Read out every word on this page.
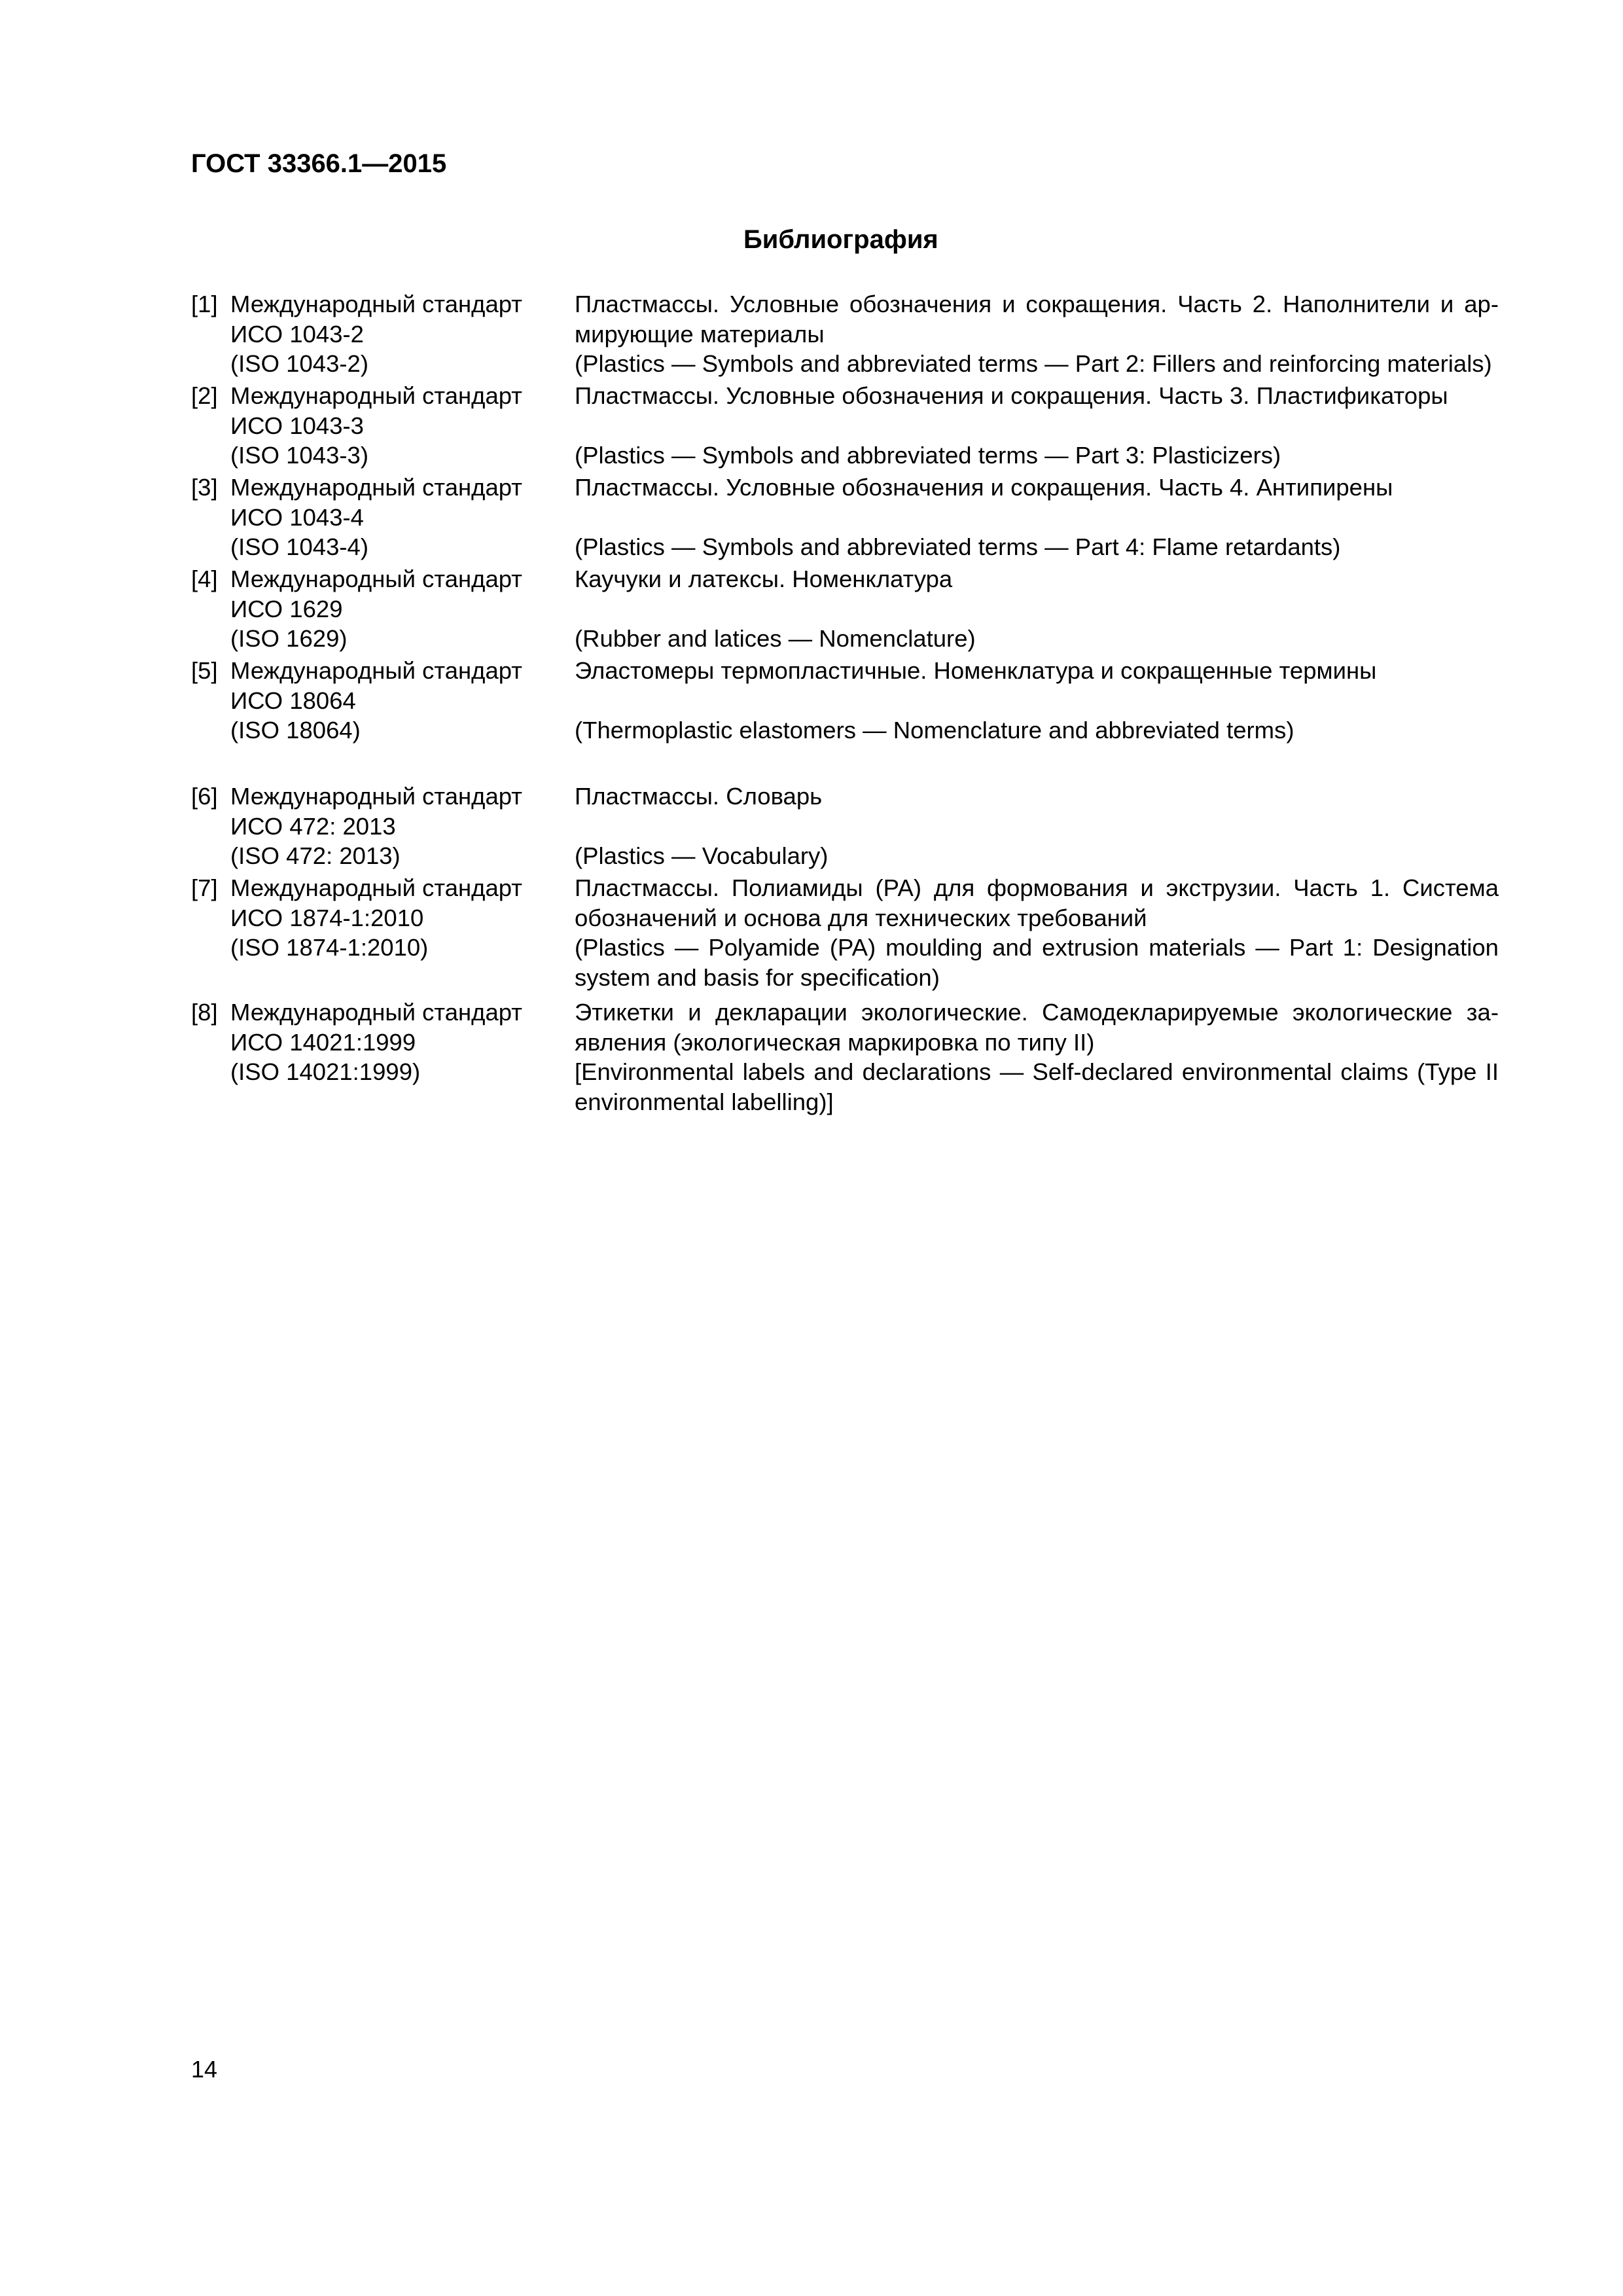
ГОСТ 33366.1—2015
Библиография
[1] Международный стандарт
ИСО 1043-2
(ISO 1043-2)
Пластмассы. Условные обозначения и сокращения. Часть 2. Наполнители и ар-мирующие материалы
(Plastics — Symbols and abbreviated terms — Part 2: Fillers and reinforcing materials)
[2] Международный стандарт
ИСО 1043-3
(ISO 1043-3)
Пластмассы. Условные обозначения и сокращения. Часть 3. Пластификаторы
(Plastics — Symbols and abbreviated terms — Part 3: Plasticizers)
[3] Международный стандарт
ИСО 1043-4
(ISO 1043-4)
Пластмассы. Условные обозначения и сокращения. Часть 4. Антипирены
(Plastics — Symbols and abbreviated terms — Part 4: Flame retardants)
[4] Международный стандарт
ИСО 1629
(ISO 1629)
Каучуки и латексы. Номенклатура
(Rubber and latices — Nomenclature)
[5] Международный стандарт
ИСО 18064
(ISO 18064)
Эластомеры термопластичные. Номенклатура и сокращенные термины
(Thermoplastic elastomers — Nomenclature and abbreviated terms)
[6] Международный стандарт
ИСО 472: 2013
(ISO 472: 2013)
Пластмассы. Словарь
(Plastics — Vocabulary)
[7] Международный стандарт
ИСО 1874-1:2010
(ISO 1874-1:2010)
Пластмассы. Полиамиды (РА) для формования и экструзии. Часть 1. Система обозначений и основа для технических требований
(Plastics — Polyamide (PA) moulding and extrusion materials — Part 1: Designation system and basis for specification)
[8] Международный стандарт
ИСО 14021:1999
(ISO 14021:1999)
Этикетки и декларации экологические. Самодекларируемые экологические за-явления (экологическая маркировка по типу II)
[Environmental labels and declarations — Self-declared environmental claims (Type II environmental labelling)]
14
